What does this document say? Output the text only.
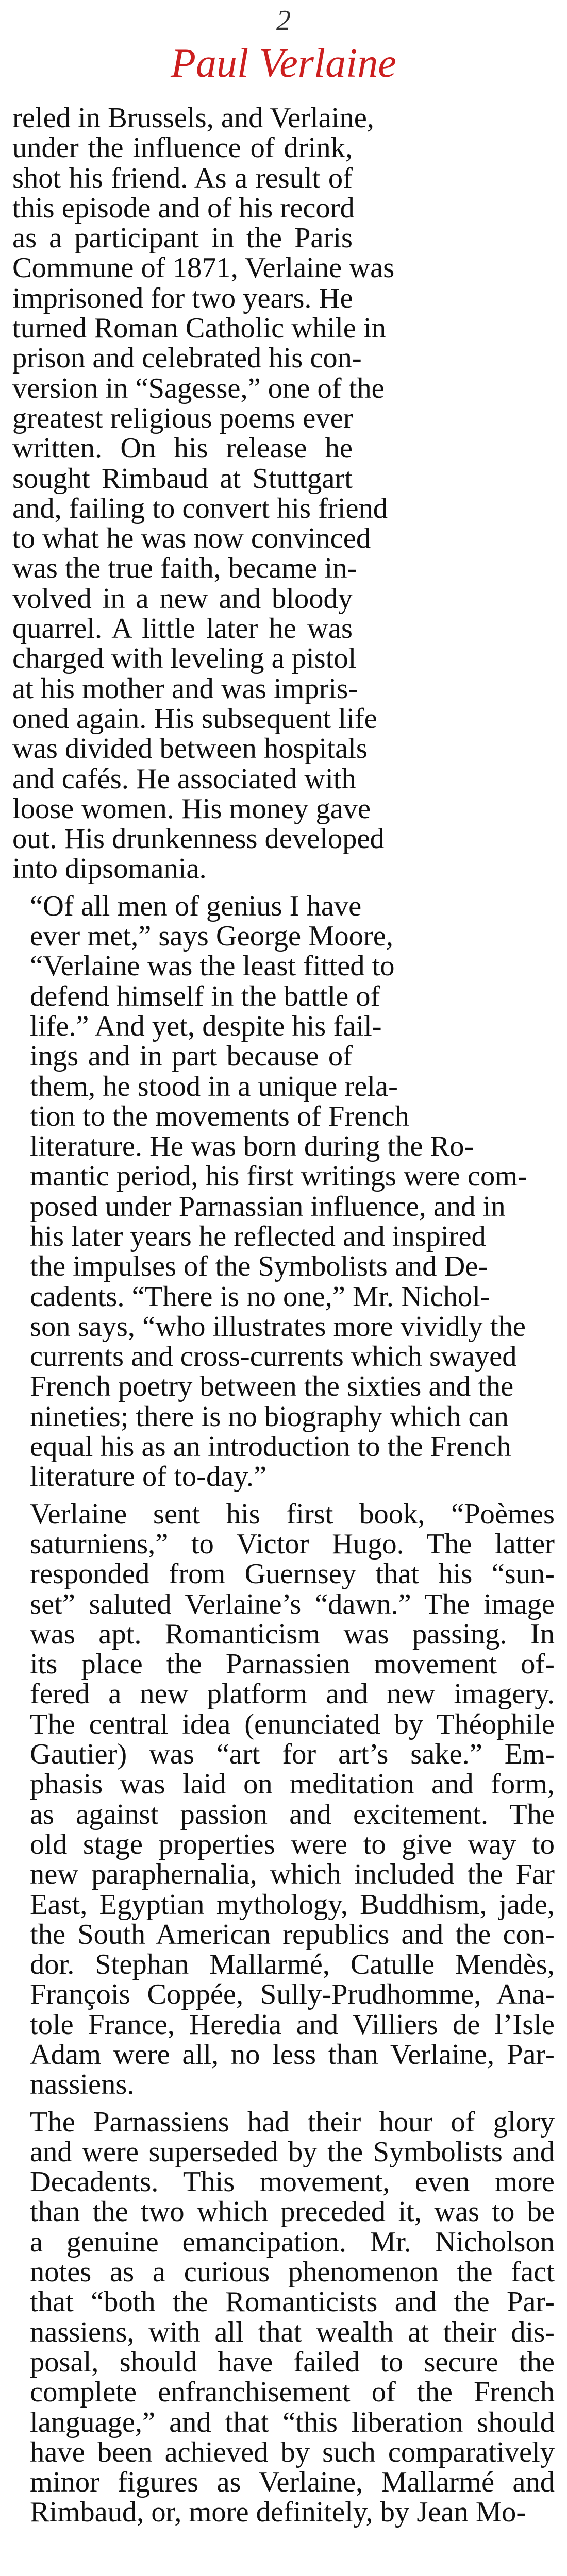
2
Paul Verlaine

reled in Brussels, and Verlaine,
under the influence of drink,
shot his friend. As a result of
this episode and of his record
as a participant in the Paris
Commune of 1871, Verlaine was
imprisoned for two years. He
turned Roman Catholic while in
prison and celebrated his con-
version in “Sagesse,” one of the
greatest religious poems ever
written. On his release he
sought Rimbaud at Stuttgart
and, failing to convert his friend
to what he was now convinced
was the true faith, became in-
volved in a new and bloody
quarrel. A little later he was
charged with leveling a pistol
at his mother and was impris-
oned again. His subsequent life
was divided between hospitals
and cafés. He associated with
loose women. His money gave
out. His drunkenness developed
into dipsomania.

“Of all men of genius I have
ever met,” says George Moore,
“Verlaine was the least fitted to
defend himself in the battle of
life.” And yet, despite his fail-
ings and in part because of
them, he stood in a unique rela-
tion to the movements of French
literature. He was born during the Ro-
mantic period, his first writings were com-
posed under Parnassian influence, and in
his later years he reflected and inspired
the impulses of the Symbolists and De-
cadents. “There is no one,” Mr. Nichol-
son says, “who illustrates more vividly the
currents and cross-currents which swayed
French poetry between the sixties and the
nineties; there is no biography which can
equal his as an introduction to the French
literature of to-day.”

Verlaine sent his first book, “Poèmes
saturniens,” to Victor Hugo. The latter
responded from Guernsey that his “sun-
set” saluted Verlaine’s “dawn.” The image
was apt. Romanticism was passing. In
its place the Parnassien movement of-
fered a new platform and new imagery.
The central idea (enunciated by Théophile
Gautier) was “art for art’s sake.” Em-
phasis was laid on meditation and form,
as against passion and excitement. The
old stage properties were to give way to
new paraphernalia, which included the Far
East, Egyptian mythology, Buddhism, jade,
the South American republics and the con-
dor. Stephan Mallarmé, Catulle Mendès,
François Coppée, Sully-Prudhomme, Ana-
tole France, Heredia and Villiers de l’Isle
Adam were all, no less than Verlaine, Par-
nassiens.

The Parnassiens had their hour of glory
and were superseded by the Symbolists and
Decadents. This movement, even more
than the two which preceded it, was to be
a genuine emancipation. Mr. Nicholson
notes as a curious phenomenon the fact
that “both the Romanticists and the Par-
nassiens, with all that wealth at their dis-
posal, should have failed to secure the
complete enfranchisement of the French
language,” and that “this liberation should
have been achieved by such comparatively
minor figures as Verlaine, Mallarmé and
Rimbaud, or, more definitely, by Jean Mo-
